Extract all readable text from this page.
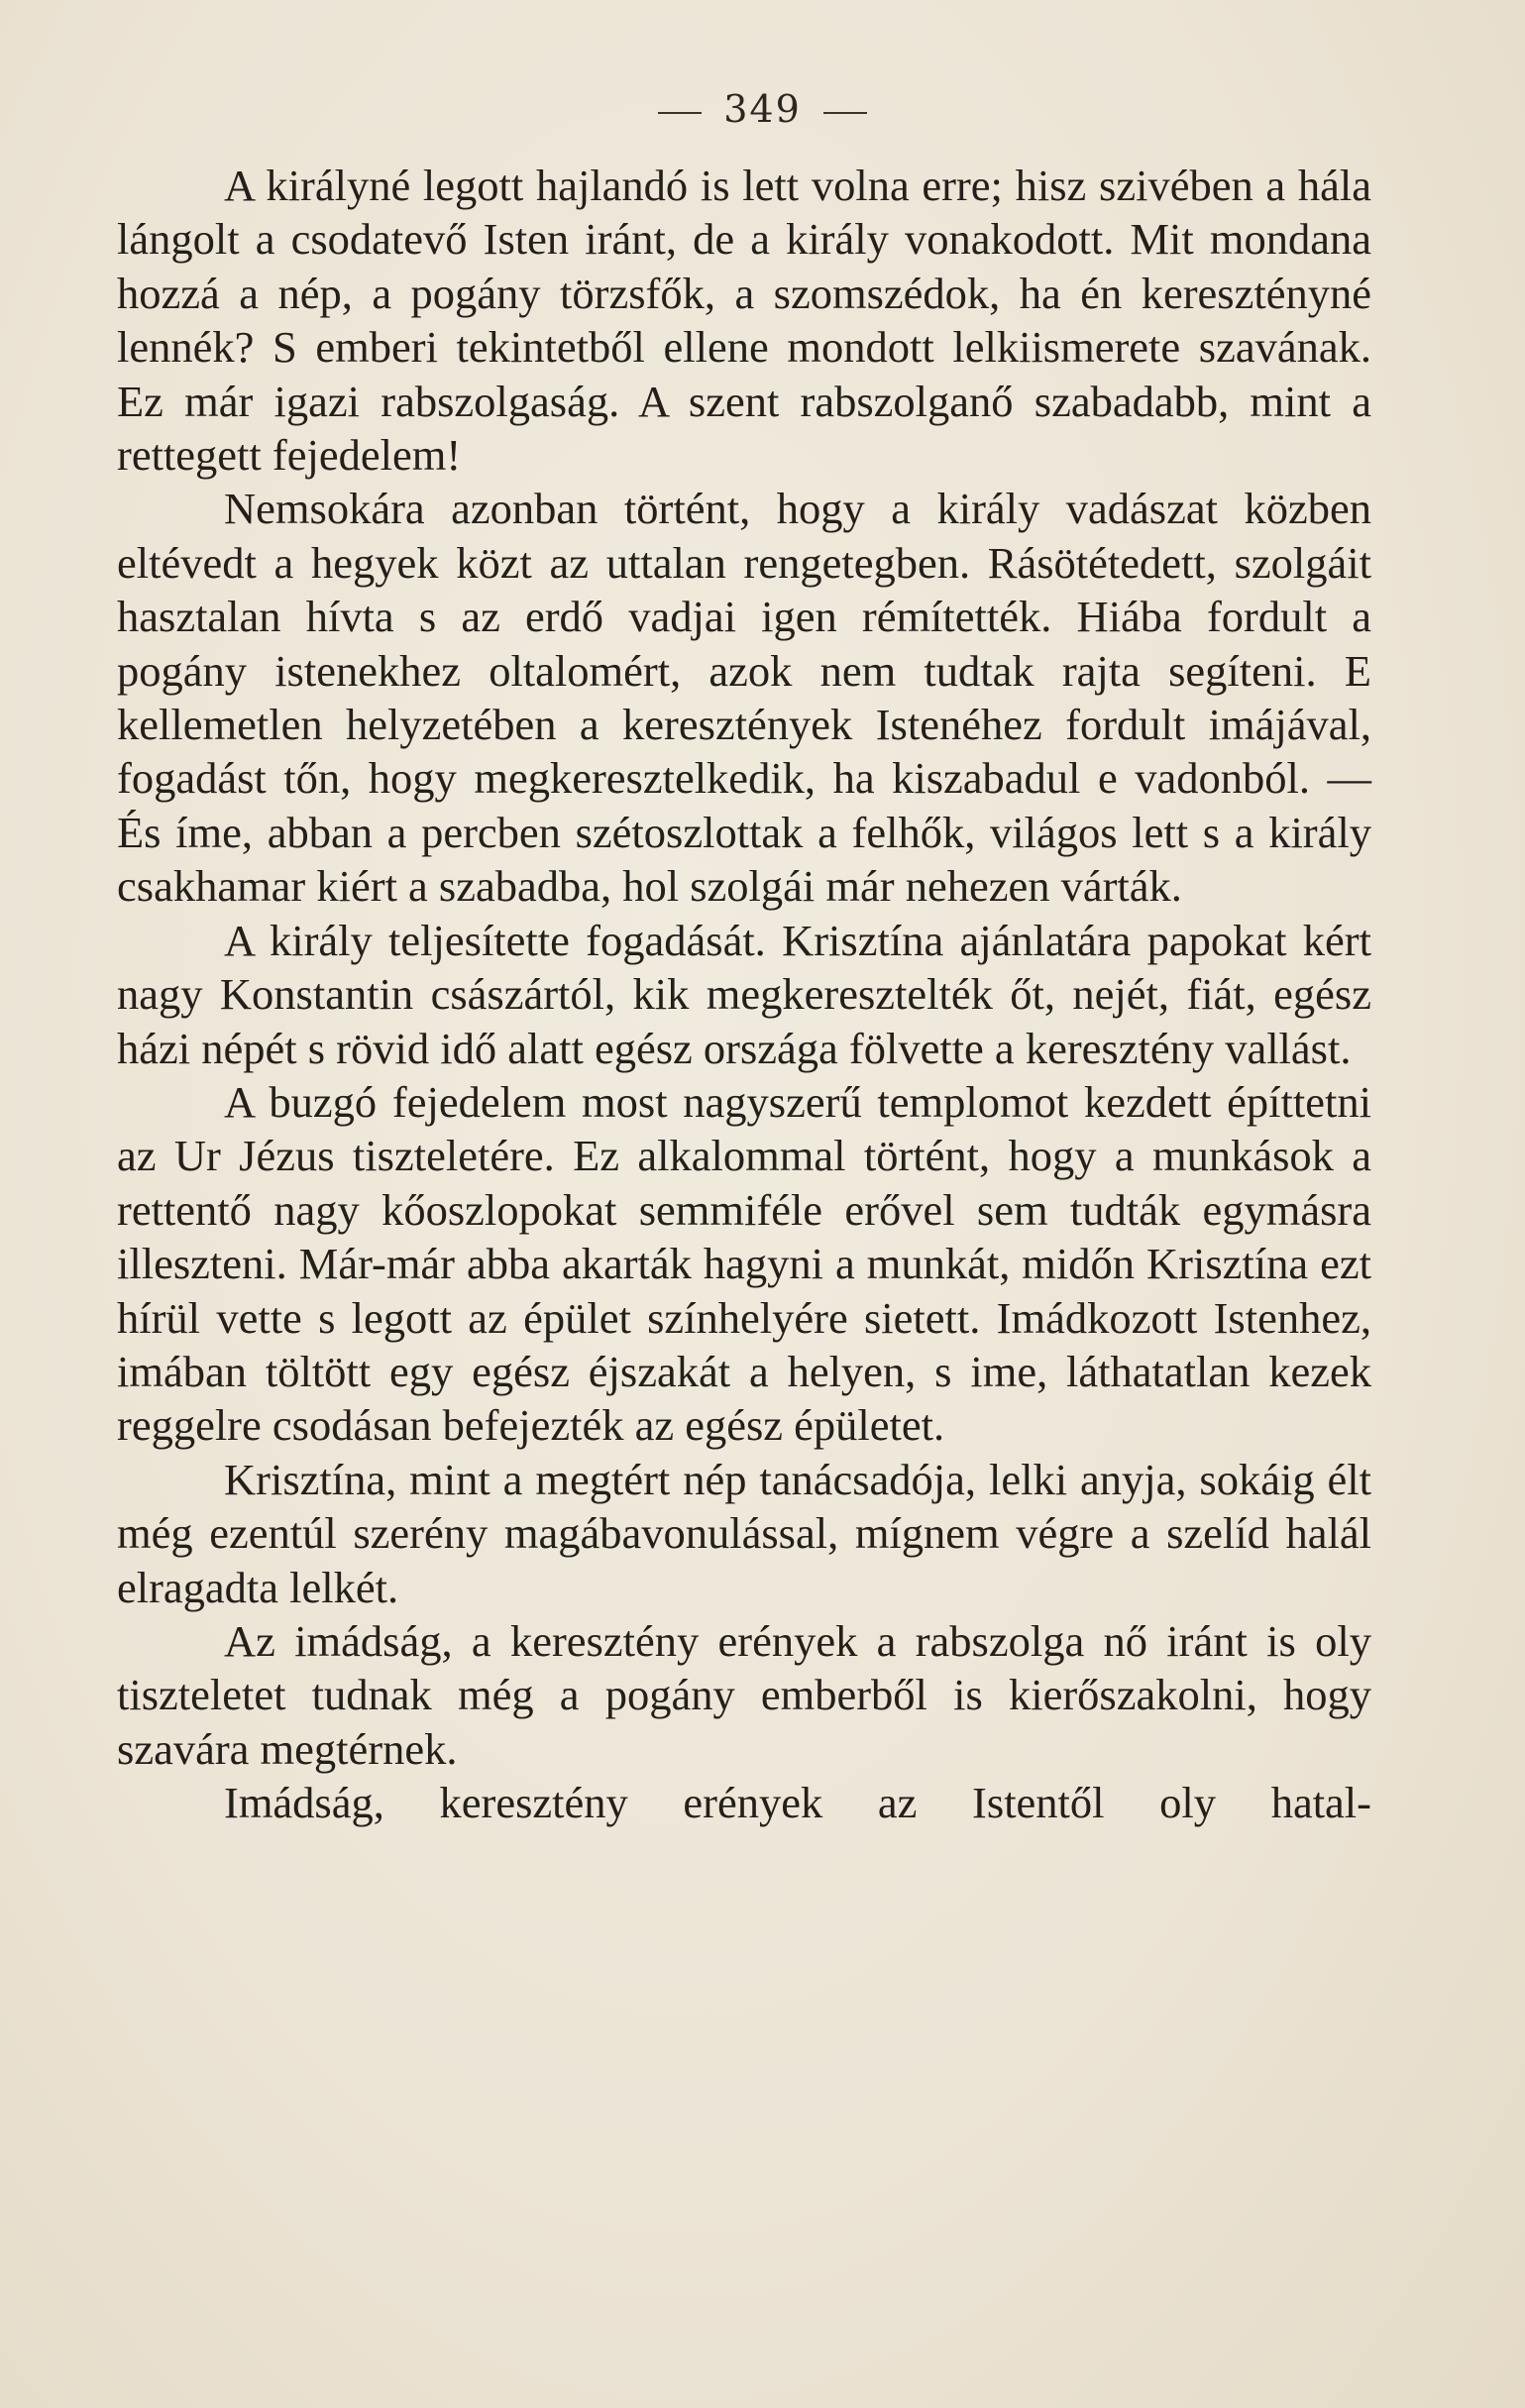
349

A királyné legott hajlandó is lett volna erre; hisz szivében a hála lángolt a csodatevő Isten iránt, de a király vonakodott. Mit mondana hozzá a nép, a pogány törzsfők, a szomszédok, ha én keresztényné lennék? S emberi tekintetből ellene mondott lelkiismerete szavának. Ez már igazi rabszolgaság. A szent rabszolganő szabadabb, mint a rettegett fejedelem!

Nemsokára azonban történt, hogy a király vadászat közben eltévedt a hegyek közt az uttalan rengetegben. Rásötétedett, szolgáit hasztalan hívta s az erdő vadjai igen rémítették. Hiába fordult a pogány istenekhez oltalomért, azok nem tudtak rajta segíteni. E kellemetlen helyzetében a keresztények Istenéhez fordult imájával, fogadást tőn, hogy megkeresztelkedik, ha kiszabadul e vadonból. — És íme, abban a percben szétoszlottak a felhők, világos lett s a király csakhamar kiért a szabadba, hol szolgái már nehezen várták.

A király teljesítette fogadását. Krisztína ajánlatára papokat kért nagy Konstantin császártól, kik megkeresztelték őt, nejét, fiát, egész házi népét s rövid idő alatt egész országa fölvette a keresztény vallást.

A buzgó fejedelem most nagyszerű templomot kezdett építtetni az Ur Jézus tiszteletére. Ez alkalommal történt, hogy a munkások a rettentő nagy kőoszlopokat semmiféle erővel sem tudták egymásra illeszteni. Már-már abba akarták hagyni a munkát, midőn Krisztína ezt hírül vette s legott az épület színhelyére sietett. Imádkozott Istenhez, imában töltött egy egész éjszakát a helyen, s ime, láthatatlan kezek reggelre csodásan befejezték az egész épületet.

Krisztína, mint a megtért nép tanácsadója, lelki anyja, sokáig élt még ezentúl szerény magábavonulással, mígnem végre a szelíd halál elragadta lelkét.

Az imádság, a keresztény erények a rabszolga nő iránt is oly tiszteletet tudnak még a pogány emberből is kierőszakolni, hogy szavára megtérnek.

Imádság, keresztény erények az Istentől oly hatal-
